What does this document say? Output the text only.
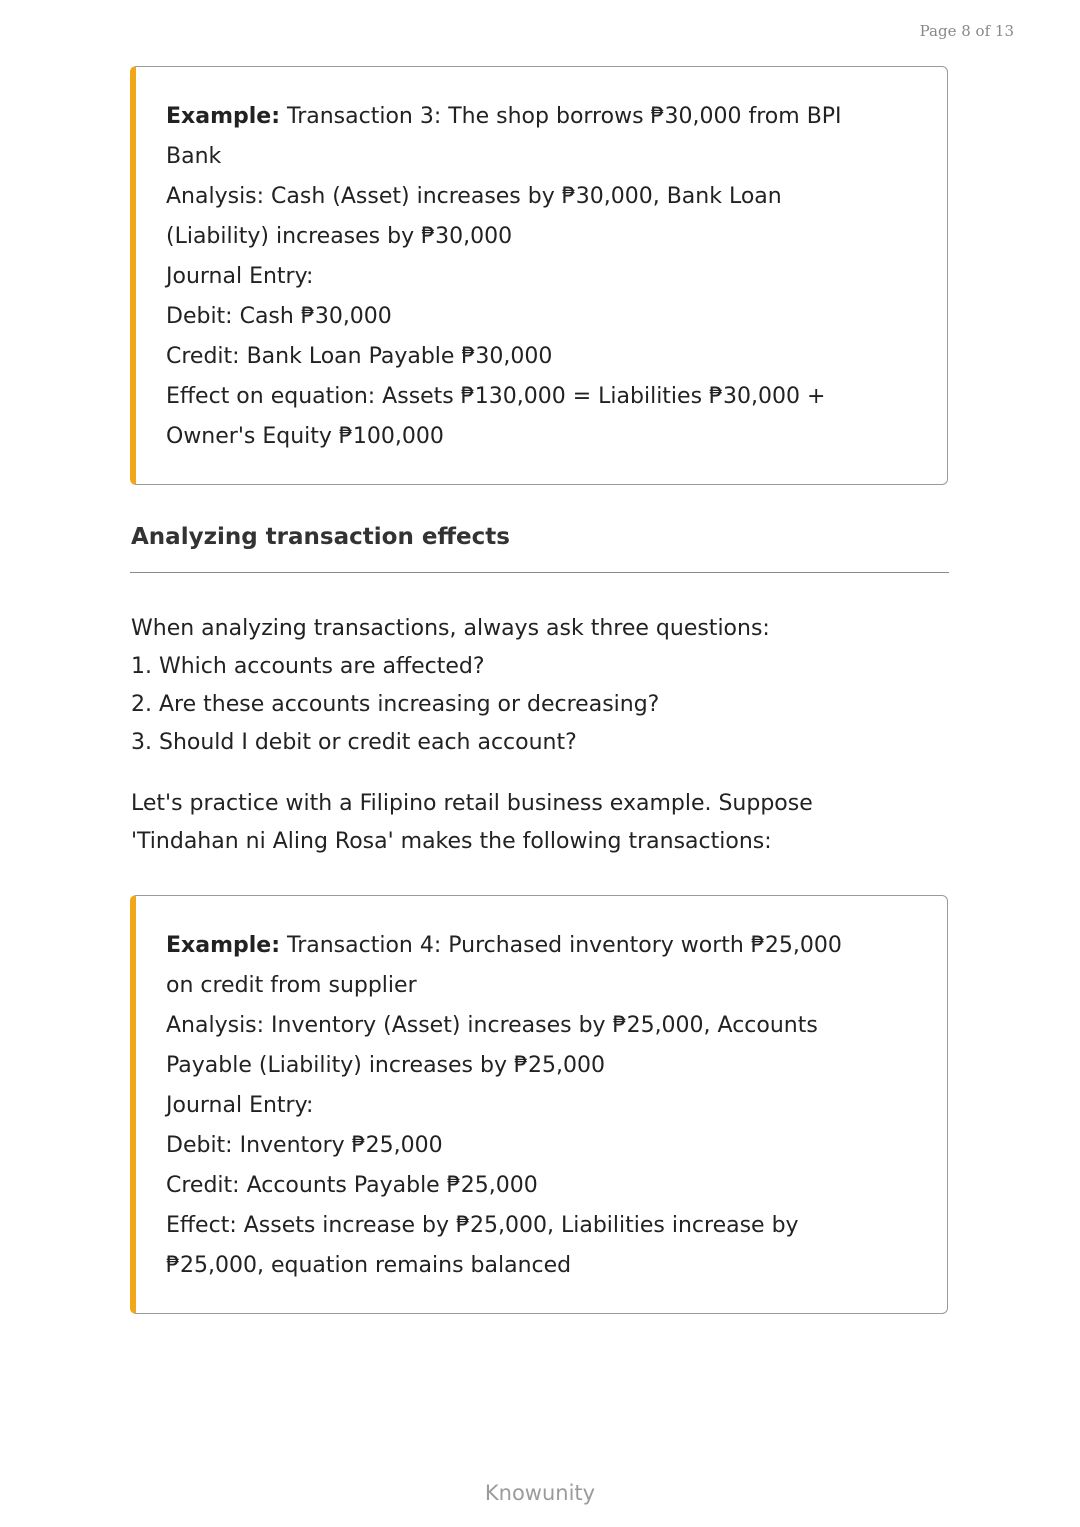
Page 8 of 13
Example: Transaction 3: The shop borrows ₱30,000 from BPI
Bank
Analysis: Cash (Asset) increases by ₱30,000, Bank Loan
(Liability) increases by ₱30,000
Journal Entry:
Debit: Cash ₱30,000
Credit: Bank Loan Payable ₱30,000
Effect on equation: Assets ₱130,000 = Liabilities ₱30,000 +
Owner's Equity ₱100,000
Analyzing transaction effects
When analyzing transactions, always ask three questions:
1. Which accounts are affected?
2. Are these accounts increasing or decreasing?
3. Should I debit or credit each account?
Let's practice with a Filipino retail business example. Suppose
'Tindahan ni Aling Rosa' makes the following transactions:
Example: Transaction 4: Purchased inventory worth ₱25,000
on credit from supplier
Analysis: Inventory (Asset) increases by ₱25,000, Accounts
Payable (Liability) increases by ₱25,000
Journal Entry:
Debit: Inventory ₱25,000
Credit: Accounts Payable ₱25,000
Effect: Assets increase by ₱25,000, Liabilities increase by
₱25,000, equation remains balanced
Knowunity
